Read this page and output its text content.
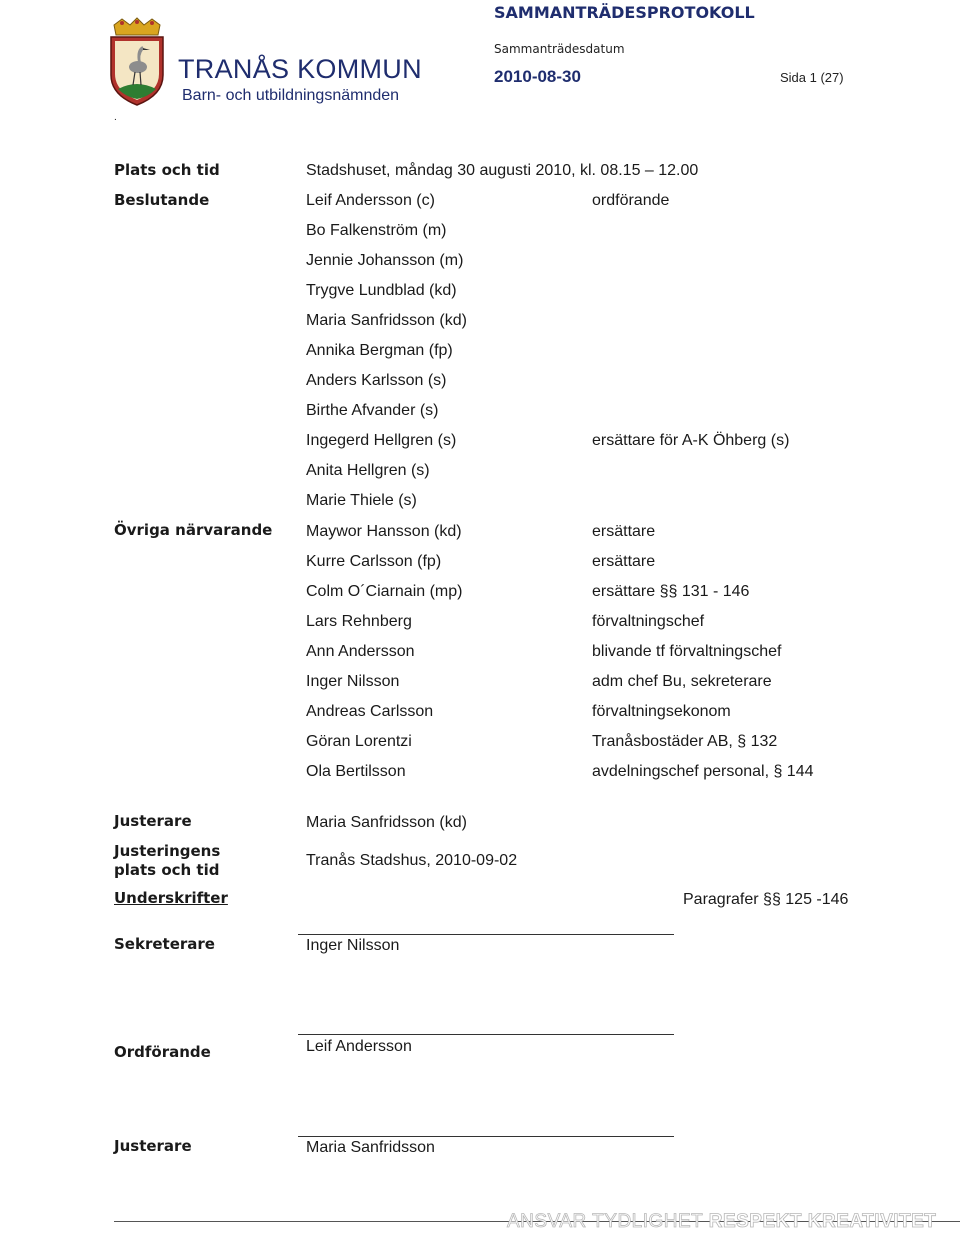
TRANÅS KOMMUN
Barn- och utbildningsnämnden
SAMMANTRÄDESPROTOKOLL
Sammanträdesdatum
2010-08-30	Sida 1 (27)
.
Plats och tid	Stadshuset, måndag 30 augusti 2010, kl. 08.15 – 12.00
Beslutande	Leif Andersson (c)	ordförande
Bo Falkenström (m)
Jennie Johansson (m)
Trygve Lundblad (kd)
Maria Sanfridsson (kd)
Annika Bergman (fp)
Anders Karlsson (s)
Birthe Afvander (s)
Ingegerd Hellgren (s)	ersättare för A-K Öhberg (s)
Anita Hellgren (s)
Marie Thiele (s)
Övriga närvarande Maywor Hansson (kd)	ersättare
Kurre Carlsson (fp)	ersättare
Colm O´Ciarnain (mp)	ersättare §§ 131 - 146
Lars Rehnberg	förvaltningschef
Ann Andersson	blivande tf förvaltningschef
Inger Nilsson	adm chef Bu, sekreterare
Andreas Carlsson	förvaltningsekonom
Göran Lorentzi	Tranåsbostäder AB, § 132
Ola Bertilsson	avdelningschef personal, § 144
Justerare	Maria Sanfridsson (kd)
Justeringens
plats och tid
Tranås Stadshus, 2010-09-02
Underskrifter	Paragrafer §§ 125 -146
Sekreterare	Inger Nilsson
Ordförande	Leif Andersson
Justerare	Maria Sanfridsson
ANSVAR TYDLIGHET RESPEKT KREATIVITET
